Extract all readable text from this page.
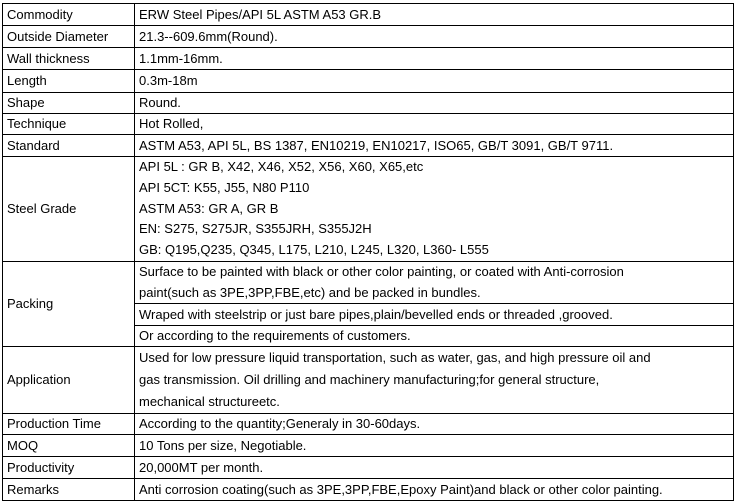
Commodity	ERW Steel Pipes/API 5L ASTM A53 GR.B
Outside Diameter	21.3--609.6mm(Round).
Wall thickness	1.1mm-16mm.
Length	0.3m-18m
Shape	Round.
Technique	Hot Rolled,
Standard	ASTM A53, API 5L, BS 1387, EN10219, EN10217, ISO65, GB/T 3091, GB/T 9711.
Steel Grade	API 5L : GR B, X42, X46, X52, X56, X60, X65,etc
API 5CT: K55, J55, N80 P110
ASTM A53: GR A, GR B
EN: S275, S275JR, S355JRH, S355J2H
GB: Q195,Q235, Q345, L175, L210, L245, L320, L360- L555

Packing	Surface to be painted with black or other color painting, or coated with Anti-corrosion
paint(such as 3PE,3PP,FBE,etc) and be packed in bundles.

	Wraped with steelstrip or just bare pipes,plain/bevelled ends or threaded ,grooved.
	Or according to the requirements of customers.
Application	Used for low pressure liquid transportation, such as water, gas, and high pressure oil and
gas transmission. Oil drilling and machinery manufacturing;for general structure,
mechanical structureetc.

Production Time	According to the quantity;Generaly in 30-60days.
MOQ	10 Tons per size, Negotiable.
Productivity	20,000MT per month.
Remarks	Anti corrosion coating(such as 3PE,3PP,FBE,Epoxy Paint)and black or other color painting.
